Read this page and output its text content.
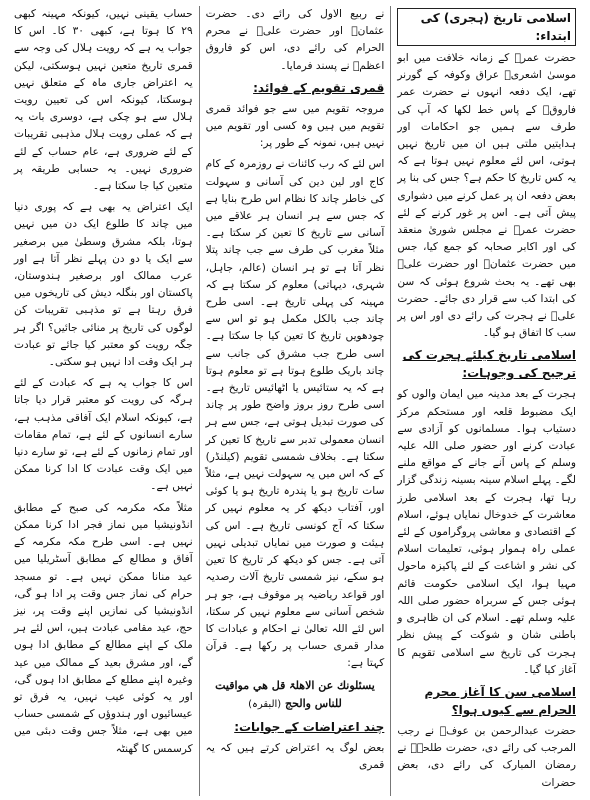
اسلامی تاریخ (ہجری) کی ابتداء:

حضرت عمرؓ کے زمانہ خلافت میں ابو موسیٰ اشعریؓ عراق وکوفہ کے گورنر تھے، ایک دفعہ انہوں نے حضرت عمر فاروقؓ کے پاس خط لکھا کہ آپ کی طرف سے ہمیں جو احکامات اور ہدایتیں ملتی ہیں ان میں تاریخ نہیں ہوتی، اس لئے معلوم نہیں ہوتا ہے کہ یہ کس تاریخ کا حکم ہے؟ جس کی بنا پر بعض دفعہ ان پر عمل کرنے میں دشواری پیش آتی ہے۔ اس پر غور کرنے کے لئے حضرت عمرؓ نے مجلس شوریٰ منعقد کی اور اکابر صحابہ کو جمع کیا، جس میں حضرت عثمانؓ اور حضرت علیؓ بھی تھے۔ یہ بحث شروع ہوئی کہ سن کی ابتدا کب سے قرار دی جائے۔ حضرت علیؓ نے ہجرت کی رائے دی اور اس پر سب کا اتفاق ہو گیا۔

اسلامی تاریخ کیلئے ہجرت کی ترجیح کی وجوہات:

ہجرت کے بعد مدینہ میں ایمان والوں کو ایک مضبوط قلعہ اور مستحکم مرکز دستیاب ہوا۔ مسلمانوں کو آزادی سے عبادت کرنے اور حضور صلی اللہ علیہ وسلم کے پاس آنے جانے کے مواقع ملنے لگے۔ پہلے اسلام سینہ بسینہ زندگی گزار رہا تھا، ہجرت کے بعد اسلامی طرز معاشرت کے خدوخال نمایاں ہوئے، اسلام کے اقتصادی و معاشی پروگراموں کے لئے عملی راہ ہموار ہوئی، تعلیمات اسلام کی نشر و اشاعت کے لئے پاکیزہ ماحول مہیا ہوا، ایک اسلامی حکومت قائم ہوئی جس کے سربراہ حضور صلی اللہ علیہ وسلم تھے۔ اسلام کی ان ظاہری و باطنی شان و شوکت کے پیش نظر ہجرت کی تاریخ سے اسلامی تقویم کا آغاز کیا گیا۔

اسلامی سن کا آغاز محرم الحرام سے کیوں ہوا؟

حضرت عبدالرحمن بن عوفؓ نے رجب المرجب کی رائے دی، حضرت طلحہؓ نے رمضان المبارک کی رائے دی، بعض حضرات

نے ربیع الاول کی رائے دی۔ حضرت عثمانؓ اور حضرت علیؓ نے محرم الحرام کی رائے دی، اس کو فاروق اعظمؓ نے پسند فرمایا۔

قمری تقویم کے فوائد:

مروجہ تقویم میں سے جو فوائد قمری تقویم میں ہیں وہ کسی اور تقویم میں نہیں ہیں، نمونہ کے طور پر:

اس لئے کہ رب کائنات نے روزمرہ کے کام کاج اور لین دین کی آسانی و سہولت کی خاطر چاند کا نظام اس طرح بنایا ہے کہ جس سے ہر انسان ہر علاقے میں آسانی سے تاریخ کا تعین کر سکتا ہے۔ مثلاً مغرب کی طرف سے جب چاند پتلا نظر آتا ہے تو ہر انسان (عالم، جاہل، شہری، دیہاتی) معلوم کر سکتا ہے کہ مہینہ کی پہلی تاریخ ہے۔ اسی طرح چاند جب بالکل مکمل ہو تو اس سے چودھویں تاریخ کا تعین کیا جا سکتا ہے۔ اسی طرح جب مشرق کی جانب سے چاند باریک طلوع ہوتا ہے تو معلوم ہوتا ہے کہ یہ ستائیس یا اٹھائیس تاریخ ہے۔ اسی طرح روز بروز واضح طور پر چاند کی صورت تبدیل ہوتی ہے، جس سے ہر انسان معمولی تدبر سے تاریخ کا تعین کر سکتا ہے۔ بخلاف شمسی تقویم (کیلنڈر) کے کہ اس میں یہ سہولت نہیں ہے، مثلاً سات تاریخ ہو یا پندرہ تاریخ ہو یا کوئی اور، آفتاب دیکھ کر یہ معلوم نہیں کر سکتا کہ آج کونسی تاریخ ہے۔ اس کی ہیئت و صورت میں نمایاں تبدیلی نہیں آتی ہے۔ جس کو دیکھ کر تاریخ کا تعین ہو سکے، نیز شمسی تاریخ آلات رصدیہ اور قواعد ریاضیہ پر موقوف ہے، جو ہر شخص آسانی سے معلوم نہیں کر سکتا، اس لئے اللہ تعالیٰ نے احکام و عبادات کا مدار قمری حساب پر رکھا ہے۔ قرآن کہتا ہے:

يسئلونك عن الاهلۃ قل هي مواقيت للناس والحج (البقرہ)
چند اعتراضات کے جوابات:

بعض لوگ یہ اعتراض کرتے ہیں کہ یہ قمری

حساب یقینی نہیں، کیونکہ مہینہ کبھی ۲۹ کا ہوتا ہے، کبھی ۳۰ کا۔ اس کا جواب یہ ہے کہ رویت ہلال کی وجہ سے قمری تاریخ متعین نہیں ہوسکتی، لیکن یہ اعتراض جاری ماہ کے متعلق نہیں ہوسکتا، کیونکہ اس کی تعیین رویت ہلال سے ہو چکی ہے، دوسری بات یہ ہے کہ عملی رویت ہلال مذہبی تقریبات کے لئے ضروری ہے، عام حساب کے لئے ضروری نہیں۔ یہ حسابی طریقہ پر متعین کیا جا سکتا ہے۔

ایک اعتراض یہ بھی ہے کہ پوری دنیا میں چاند کا طلوع ایک دن میں نہیں ہوتا، بلکہ مشرق وسطیٰ میں برصغیر سے ایک یا دو دن پہلے نظر آتا ہے اور عرب ممالک اور برصغیر ہندوستان، پاکستان اور بنگلہ دیش کی تاریخوں میں فرق رہتا ہے تو مذہبی تقریبات کن لوگوں کی تاریخ پر منائی جائیں؟ اگر ہر جگہ رویت کو معتبر کیا جائے تو عبادت ہر ایک وقت ادا نہیں ہو سکتی۔

اس کا جواب یہ ہے کہ عبادت کے لئے ہرگہ کی رویت کو معتبر قرار دیا جاتا ہے، کیونکہ اسلام ایک آفاقی مذہب ہے، سارے انسانوں کے لئے ہے، تمام مقامات اور تمام زمانوں کے لئے ہے، تو سارے دنیا میں ایک وقت عبادت کا ادا کرنا ممکن نہیں ہے۔

مثلاً مکہ مکرمہ کی صبح کے مطابق انڈونیشیا میں نماز فجر ادا کرنا ممکن نہیں ہے۔ اسی طرح مکہ مکرمہ کے آفاق و مطالع کے مطابق آسٹریلیا میں عید منانا ممکن نہیں ہے۔ تو مسجد حرام کی نماز جس وقت پر ادا ہو گی، انڈونیشیا کی نمازیں اپنے وقت پر، نیز حج، عید مقامی عبادت ہیں، اس لئے ہر ملک کے اپنے مطالع کے مطابق ادا ہوں گے، اور مشرق بعید کے ممالک میں عید وغیرہ اپنے مطلع کے مطابق ادا ہوں گی، اور یہ کوئی عیب نہیں، یہ فرق تو عیسائیوں اور ہندوؤں کے شمسی حساب میں بھی ہے، مثلاً جس وقت دبئی میں کرسمس کا گھنٹہ
